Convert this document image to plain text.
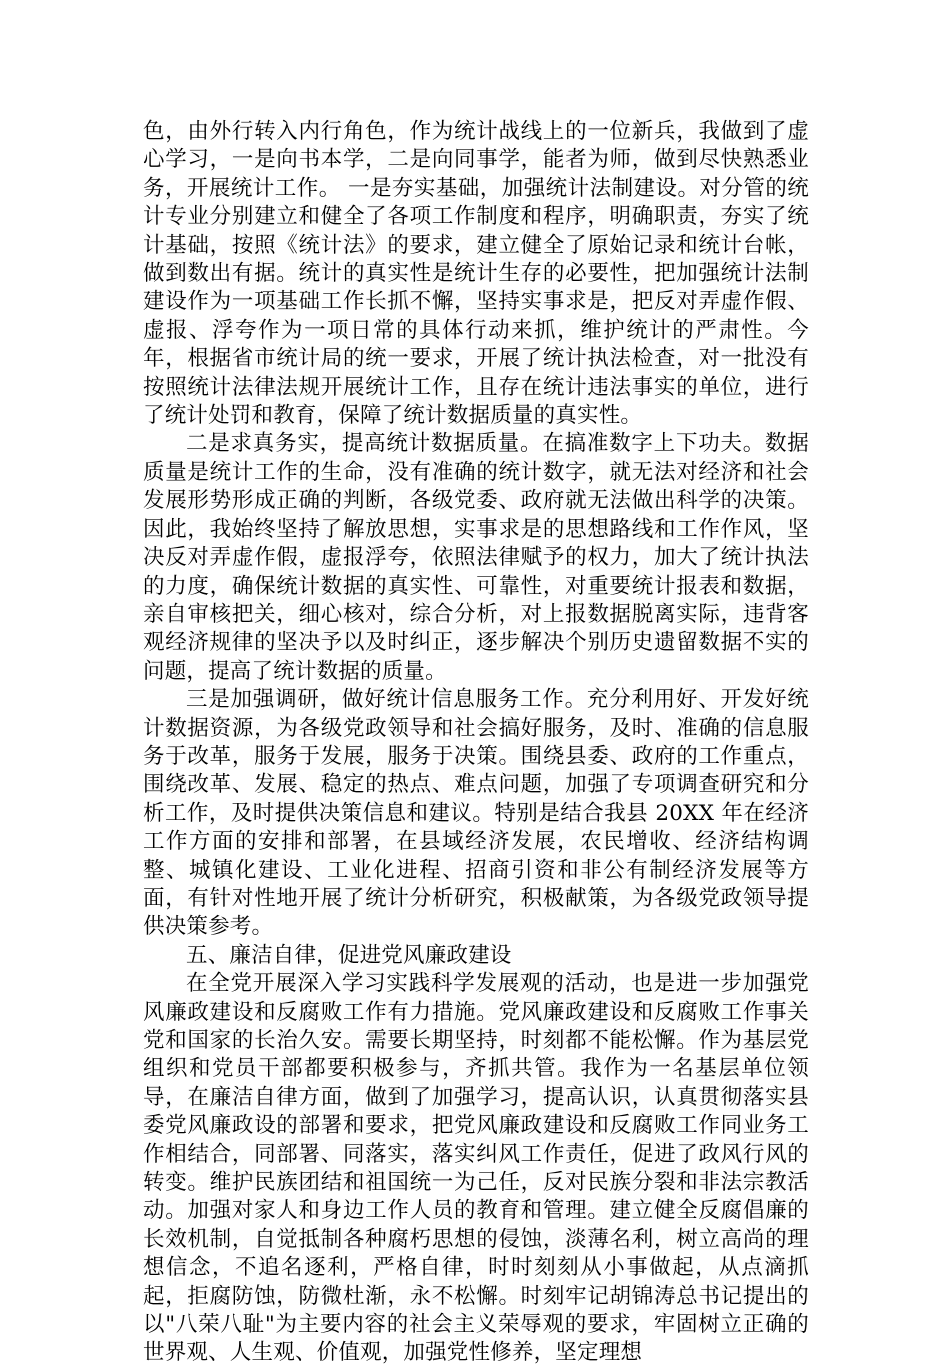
色，由外行转入内行角色，作为统计战线上的一位新兵，我做到了虚心学习，一是向书本学，二是向同事学，能者为师，做到尽快熟悉业务，开展统计工作。 一是夯实基础，加强统计法制建设。对分管的统计专业分别建立和健全了各项工作制度和程序，明确职责，夯实了统计基础，按照《统计法》的要求，建立健全了原始记录和统计台帐，做到数出有据。统计的真实性是统计生存的必要性，把加强统计法制建设作为一项基础工作长抓不懈，坚持实事求是，把反对弄虚作假、虚报、浮夸作为一项日常的具体行动来抓，维护统计的严肃性。今年，根据省市统计局的统一要求，开展了统计执法检查，对一批没有按照统计法律法规开展统计工作，且存在统计违法事实的单位，进行了统计处罚和教育，保障了统计数据质量的真实性。

二是求真务实，提高统计数据质量。在搞准数字上下功夫。数据质量是统计工作的生命，没有准确的统计数字，就无法对经济和社会发展形势形成正确的判断，各级党委、政府就无法做出科学的决策。因此，我始终坚持了解放思想，实事求是的思想路线和工作作风，坚决反对弄虚作假，虚报浮夸，依照法律赋予的权力，加大了统计执法的力度，确保统计数据的真实性、可靠性，对重要统计报表和数据，亲自审核把关，细心核对，综合分析，对上报数据脱离实际，违背客观经济规律的坚决予以及时纠正，逐步解决个别历史遗留数据不实的问题，提高了统计数据的质量。

三是加强调研，做好统计信息服务工作。充分利用好、开发好统计数据资源，为各级党政领导和社会搞好服务，及时、准确的信息服务于改革，服务于发展，服务于决策。围绕县委、政府的工作重点，围绕改革、发展、稳定的热点、难点问题，加强了专项调查研究和分析工作，及时提供决策信息和建议。特别是结合我县 20XX 年在经济工作方面的安排和部署，在县域经济发展，农民增收、经济结构调整、城镇化建设、工业化进程、招商引资和非公有制经济发展等方面，有针对性地开展了统计分析研究，积极献策，为各级党政领导提供决策参考。

五、廉洁自律，促进党风廉政建设

在全党开展深入学习实践科学发展观的活动，也是进一步加强党风廉政建设和反腐败工作有力措施。党风廉政建设和反腐败工作事关党和国家的长治久安。需要长期坚持，时刻都不能松懈。作为基层党组织和党员干部都要积极参与，齐抓共管。我作为一名基层单位领导，在廉洁自律方面，做到了加强学习，提高认识，认真贯彻落实县委党风廉政设的部署和要求，把党风廉政建设和反腐败工作同业务工作相结合，同部署、同落实，落实纠风工作责任，促进了政风行风的转变。维护民族团结和祖国统一为己任，反对民族分裂和非法宗教活动。加强对家人和身边工作人员的教育和管理。建立健全反腐倡廉的长效机制，自觉抵制各种腐朽思想的侵蚀，淡薄名利，树立高尚的理想信念，不追名逐利，严格自律，时时刻刻从小事做起，从点滴抓起，拒腐防蚀，防微杜渐，永不松懈。时刻牢记胡锦涛总书记提出的以"八荣八耻"为主要内容的社会主义荣辱观的要求，牢固树立正确的世界观、人生观、价值观，加强党性修养，坚定理想
